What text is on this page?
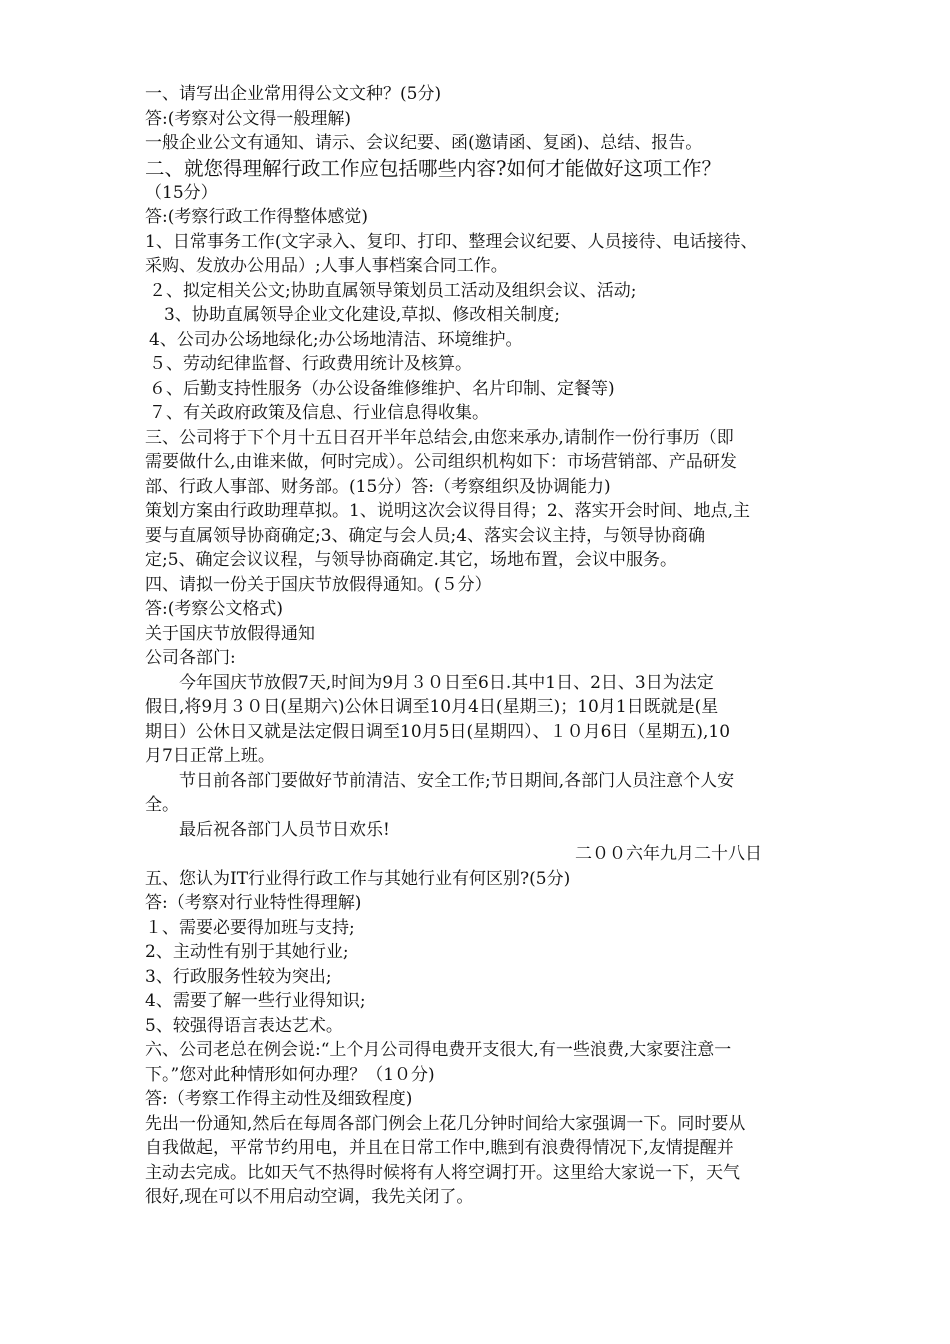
一、请写出企业常用得公文文种？(5分)
答:(考察对公文得一般理解)
一般企业公文有通知、请示、会议纪要、函(邀请函、复函)、总结、报告。
二、就您得理解行政工作应包括哪些内容?如何才能做好这项工作？
（15分）
答:(考察行政工作得整体感觉)
1、日常事务工作(文字录入、复印、打印、整理会议纪要、人员接待、电话接待、
采购、发放办公用品）;人事人事档案合同工作。
２、拟定相关公文;协助直属领导策划员工活动及组织会议、活动;
3、协助直属领导企业文化建设,草拟、修改相关制度;
4、公司办公场地绿化;办公场地清洁、环境维护。
５、劳动纪律监督、行政费用统计及核算。
６、后勤支持性服务（办公设备维修维护、名片印制、定餐等)
７、有关政府政策及信息、行业信息得收集。
三、公司将于下个月十五日召开半年总结会,由您来承办,请制作一份行事历（即
需要做什么,由谁来做，何时完成）。公司组织机构如下：市场营销部、产品研发
部、行政人事部、财务部。(15分）答:（考察组织及协调能力)
策划方案由行政助理草拟。1、说明这次会议得目得；2、落实开会时间、地点,主
要与直属领导协商确定;3、确定与会人员;4、落实会议主持，与领导协商确
定;5、确定会议议程，与领导协商确定.其它，场地布置，会议中服务。
四、请拟一份关于国庆节放假得通知。(５分）
答:(考察公文格式)
关于国庆节放假得通知
公司各部门:
今年国庆节放假7天,时间为9月３０日至6日.其中1日、2日、3日为法定
假日,将9月３０日(星期六)公休日调至10月4日(星期三)；10月1日既就是(星
期日）公休日又就是法定假日调至10月5日(星期四）、１０月6日（星期五),10
月7日正常上班。
节日前各部门要做好节前清洁、安全工作;节日期间,各部门人员注意个人安
全。
最后祝各部门人员节日欢乐!
二００六年九月二十八日
五、您认为IT行业得行政工作与其她行业有何区别?(5分)
答:（考察对行业特性得理解)
１、需要必要得加班与支持;
2、主动性有别于其她行业;
3、行政服务性较为突出;
4、需要了解一些行业得知识;
5、较强得语言表达艺术。
六、公司老总在例会说:“上个月公司得电费开支很大,有一些浪费,大家要注意一
下。”您对此种情形如何办理？（1０分)
答:（考察工作得主动性及细致程度)
先出一份通知,然后在每周各部门例会上花几分钟时间给大家强调一下。同时要从
自我做起，平常节约用电，并且在日常工作中,瞧到有浪费得情况下,友情提醒并
主动去完成。比如天气不热得时候将有人将空调打开。这里给大家说一下，天气
很好,现在可以不用启动空调，我先关闭了。
